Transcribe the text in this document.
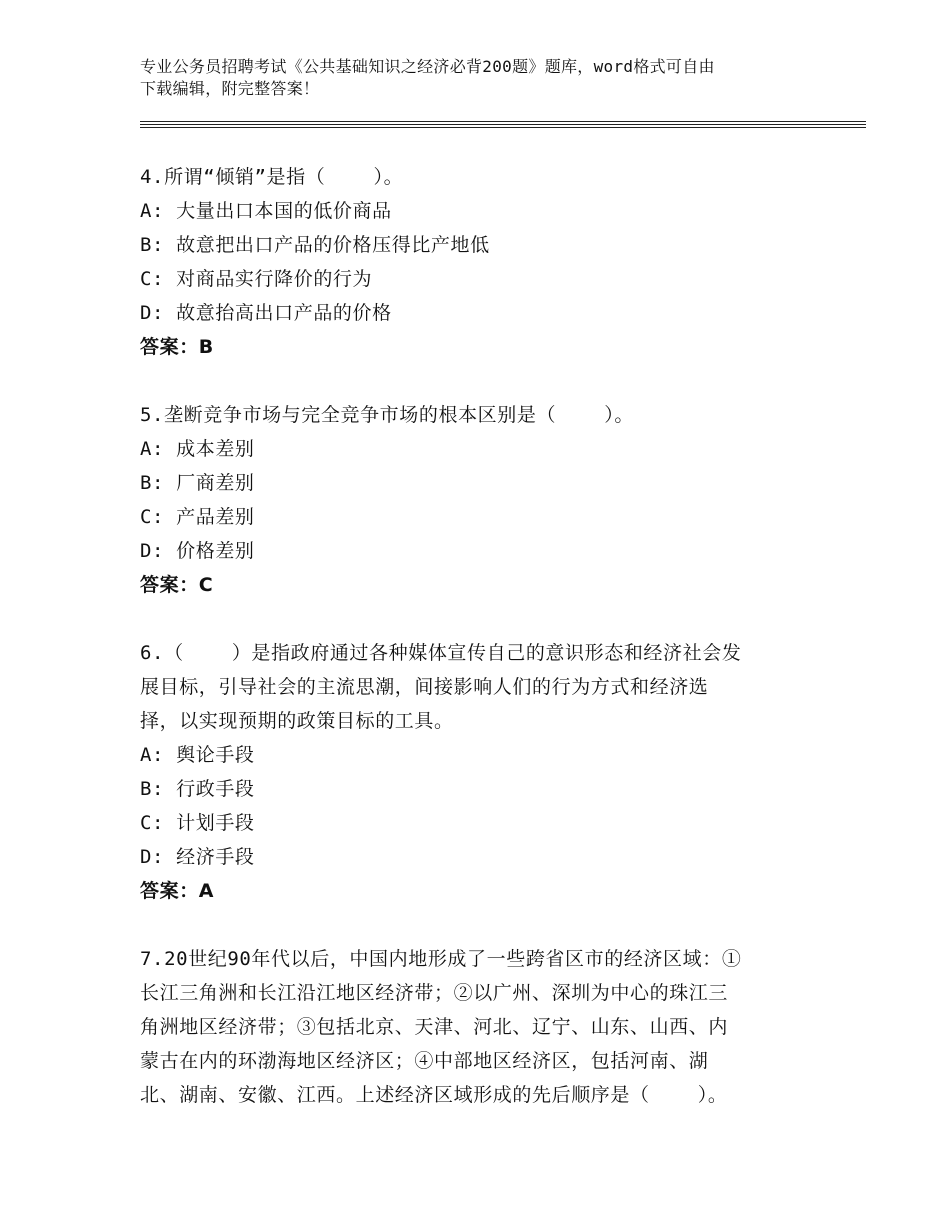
专业公务员招聘考试《公共基础知识之经济必背200题》题库，word格式可自由
下载编辑，附完整答案！
4.所谓“倾销”是指（    ）。
A: 大量出口本国的低价商品
B: 故意把出口产品的价格压得比产地低
C: 对商品实行降价的行为
D: 故意抬高出口产品的价格
答案：B
5.垄断竞争市场与完全竞争市场的根本区别是（    ）。
A: 成本差别
B: 厂商差别
C: 产品差别
D: 价格差别
答案：C
6.（    ）是指政府通过各种媒体宣传自己的意识形态和经济社会发
展目标，引导社会的主流思潮，间接影响人们的行为方式和经济选
择，以实现预期的政策目标的工具。
A: 舆论手段
B: 行政手段
C: 计划手段
D: 经济手段
答案：A
7.20世纪90年代以后，中国内地形成了一些跨省区市的经济区域：①
长江三角洲和长江沿江地区经济带；②以广州、深圳为中心的珠江三
角洲地区经济带；③包括北京、天津、河北、辽宁、山东、山西、内
蒙古在内的环渤海地区经济区；④中部地区经济区，包括河南、湖
北、湖南、安徽、江西。上述经济区域形成的先后顺序是（    ）。
